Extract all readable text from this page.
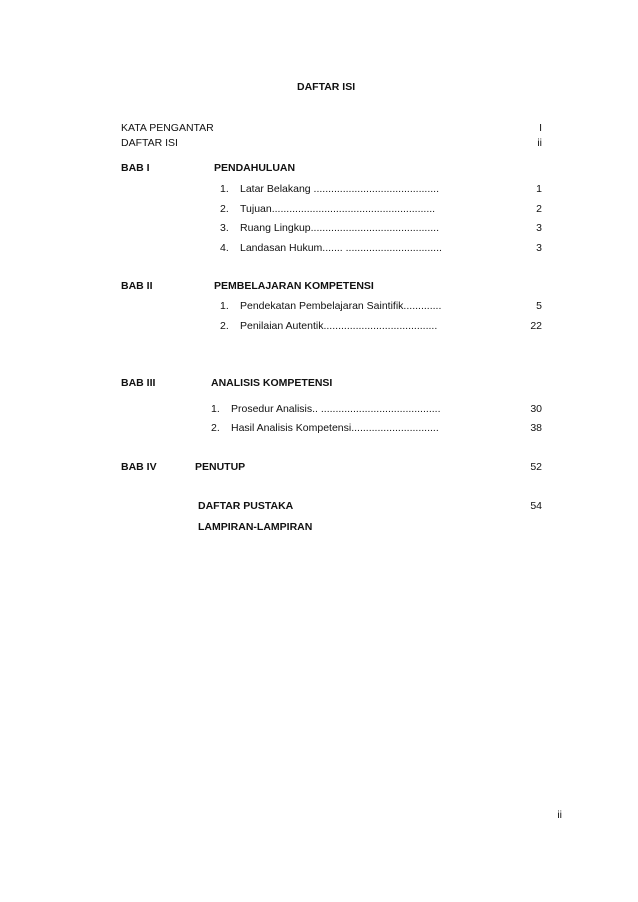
DAFTAR ISI
KATA PENGANTAR	I
DAFTAR ISI	ii
BAB I	PENDAHULUAN
1. Latar Belakang ...........................................	1
2. Tujuan........................................................	2
3. Ruang Lingkup............................................	3
4. Landasan Hukum....... .................................	3
BAB II	PEMBELAJARAN KOMPETENSI
1. Pendekatan Pembelajaran Saintifik.............	5
2. Penilaian Autentik.......................................	22
BAB III	ANALISIS KOMPETENSI
1. Prosedur Analisis.. .........................................	30
2. Hasil Analisis Kompetensi..............................	38
BAB IV	PENUTUP	52
DAFTAR PUSTAKA	54
LAMPIRAN-LAMPIRAN
ii
